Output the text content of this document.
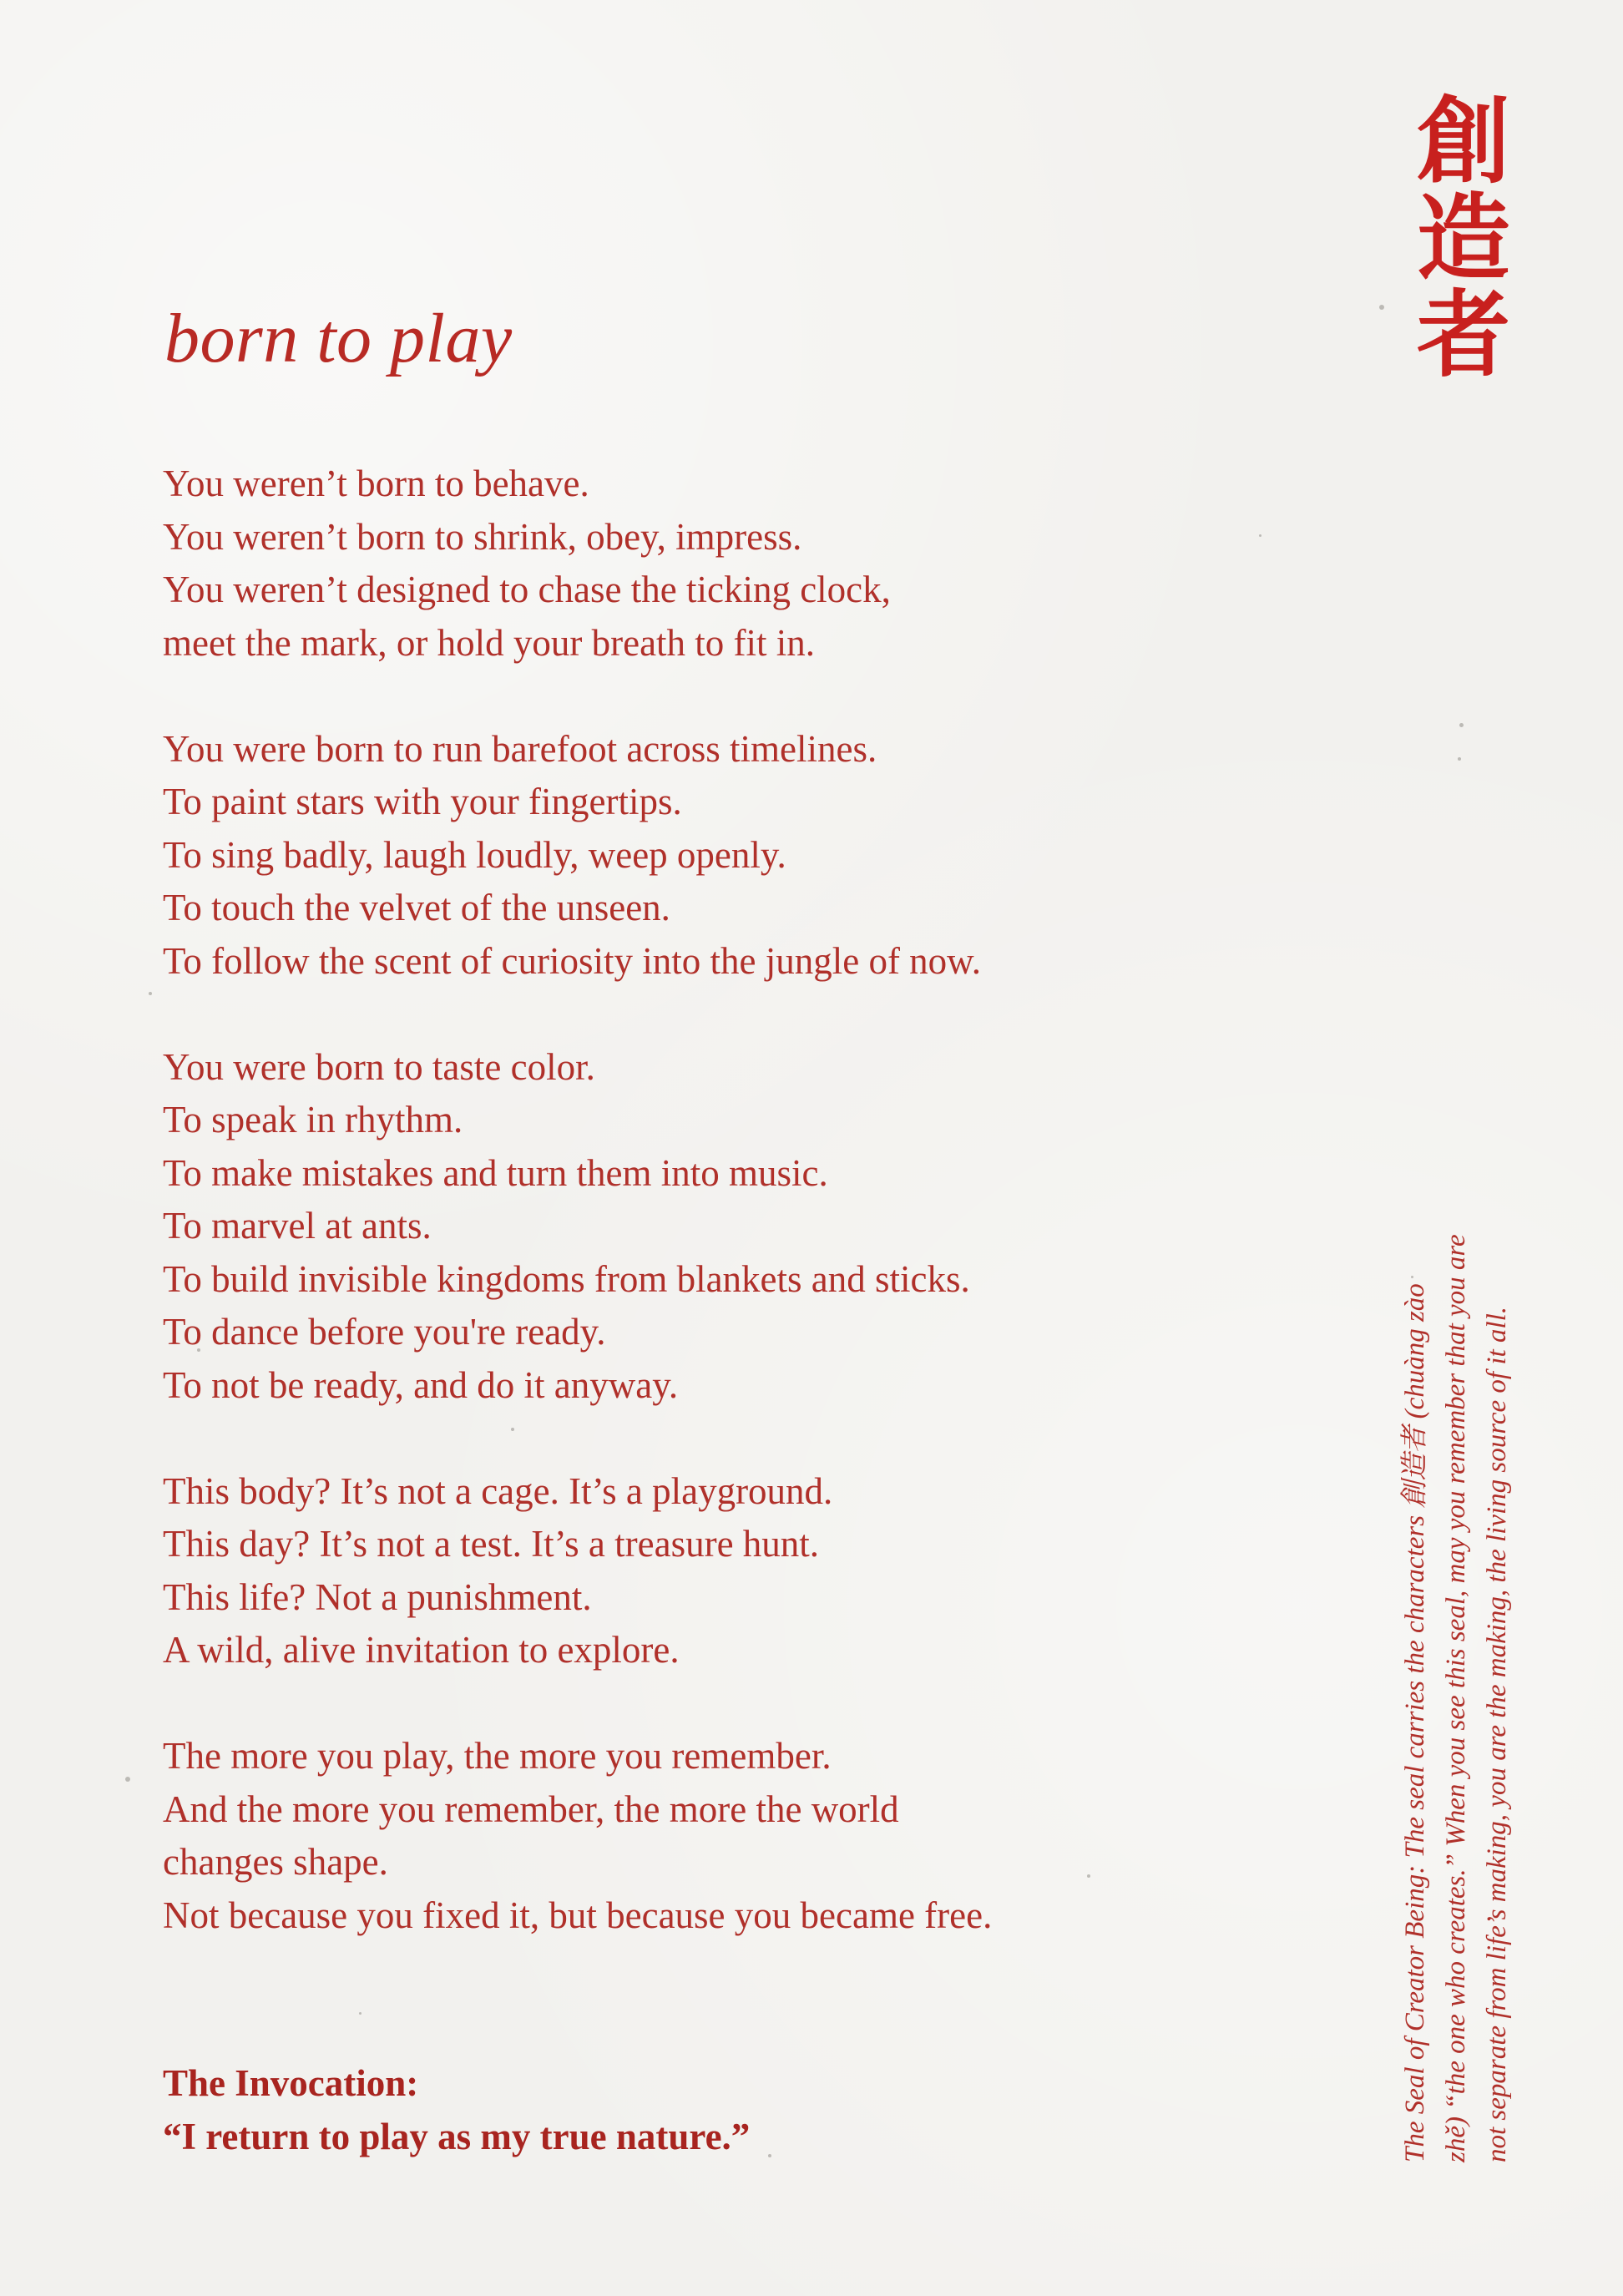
創
造
者
born to play

You weren’t born to behave.
You weren’t born to shrink, obey, impress.
You weren’t designed to chase the ticking clock,
meet the mark, or hold your breath to fit in.

You were born to run barefoot across timelines.
To paint stars with your fingertips.
To sing badly, laugh loudly, weep openly.
To touch the velvet of the unseen.
To follow the scent of curiosity into the jungle of now.

You were born to taste color.
To speak in rhythm.
To make mistakes and turn them into music.
To marvel at ants.
To build invisible kingdoms from blankets and sticks.
To dance before you're ready.
To not be ready, and do it anyway.

This body? It’s not a cage. It’s a playground.
This day? It’s not a test. It’s a treasure hunt.
This life? Not a punishment.
A wild, alive invitation to explore.

The more you play, the more you remember.
And the more you remember, the more the world
changes shape.
Not because you fixed it, but because you became free.

The Invocation:
“I return to play as my true nature.”	The Seal of Creator Being: The seal carries the characters 創造者 (chuàng zào zhě) “the one who creates.” When you see this seal, may you remember that you are not separate from life’s making, you are the making, the living source of it all.
